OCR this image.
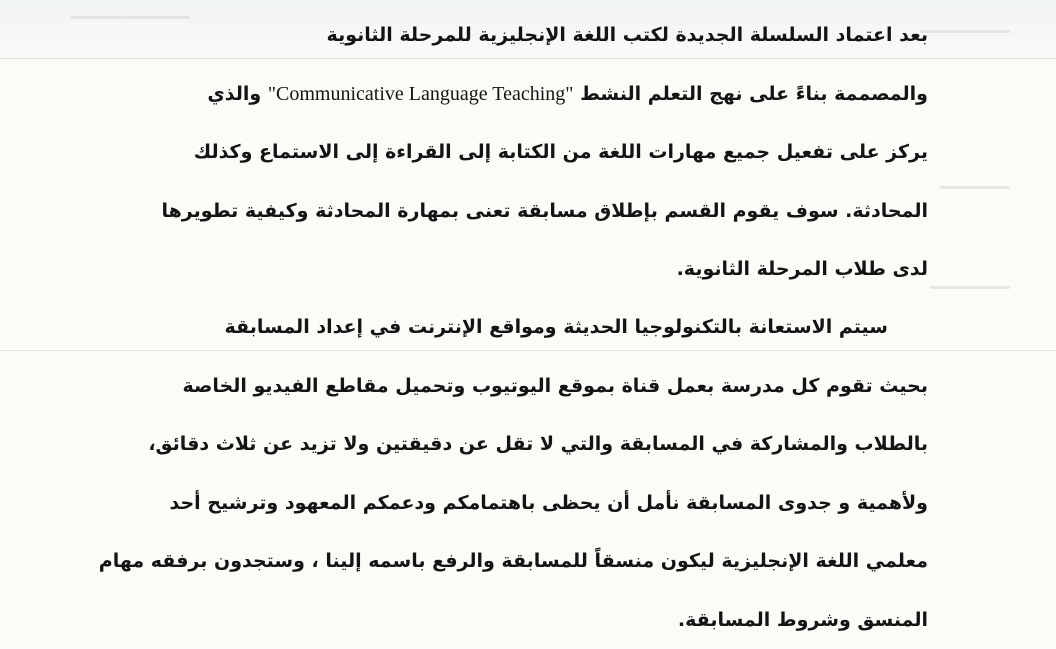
بعد اعتماد السلسلة الجديدة لكتب اللغة الإنجليزية للمرحلة الثانوية
والمصممة بناءً على نهج التعلم النشط "Communicative Language Teaching" والذي
يركز على تفعيل جميع مهارات اللغة من الكتابة إلى القراءة إلى الاستماع وكذلك
المحادثة. سوف يقوم القسم بإطلاق مسابقة تعنى بمهارة المحادثة وكيفية تطويرها
لدى طلاب المرحلة الثانوية.
سيتم الاستعانة بالتكنولوجيا الحديثة ومواقع الإنترنت في إعداد المسابقة
بحيث تقوم كل مدرسة بعمل قناة بموقع اليوتيوب وتحميل مقاطع الفيديو الخاصة
بالطلاب والمشاركة في المسابقة والتي لا تقل عن دقيقتين ولا تزيد عن ثلاث دقائق،
ولأهمية و جدوى المسابقة نأمل أن يحظى باهتمامكم ودعمكم المعهود وترشيح أحد
معلمي اللغة الإنجليزية ليكون منسقاً للمسابقة والرفع باسمه إلينا ، وستجدون برفقه مهام
المنسق وشروط المسابقة.
